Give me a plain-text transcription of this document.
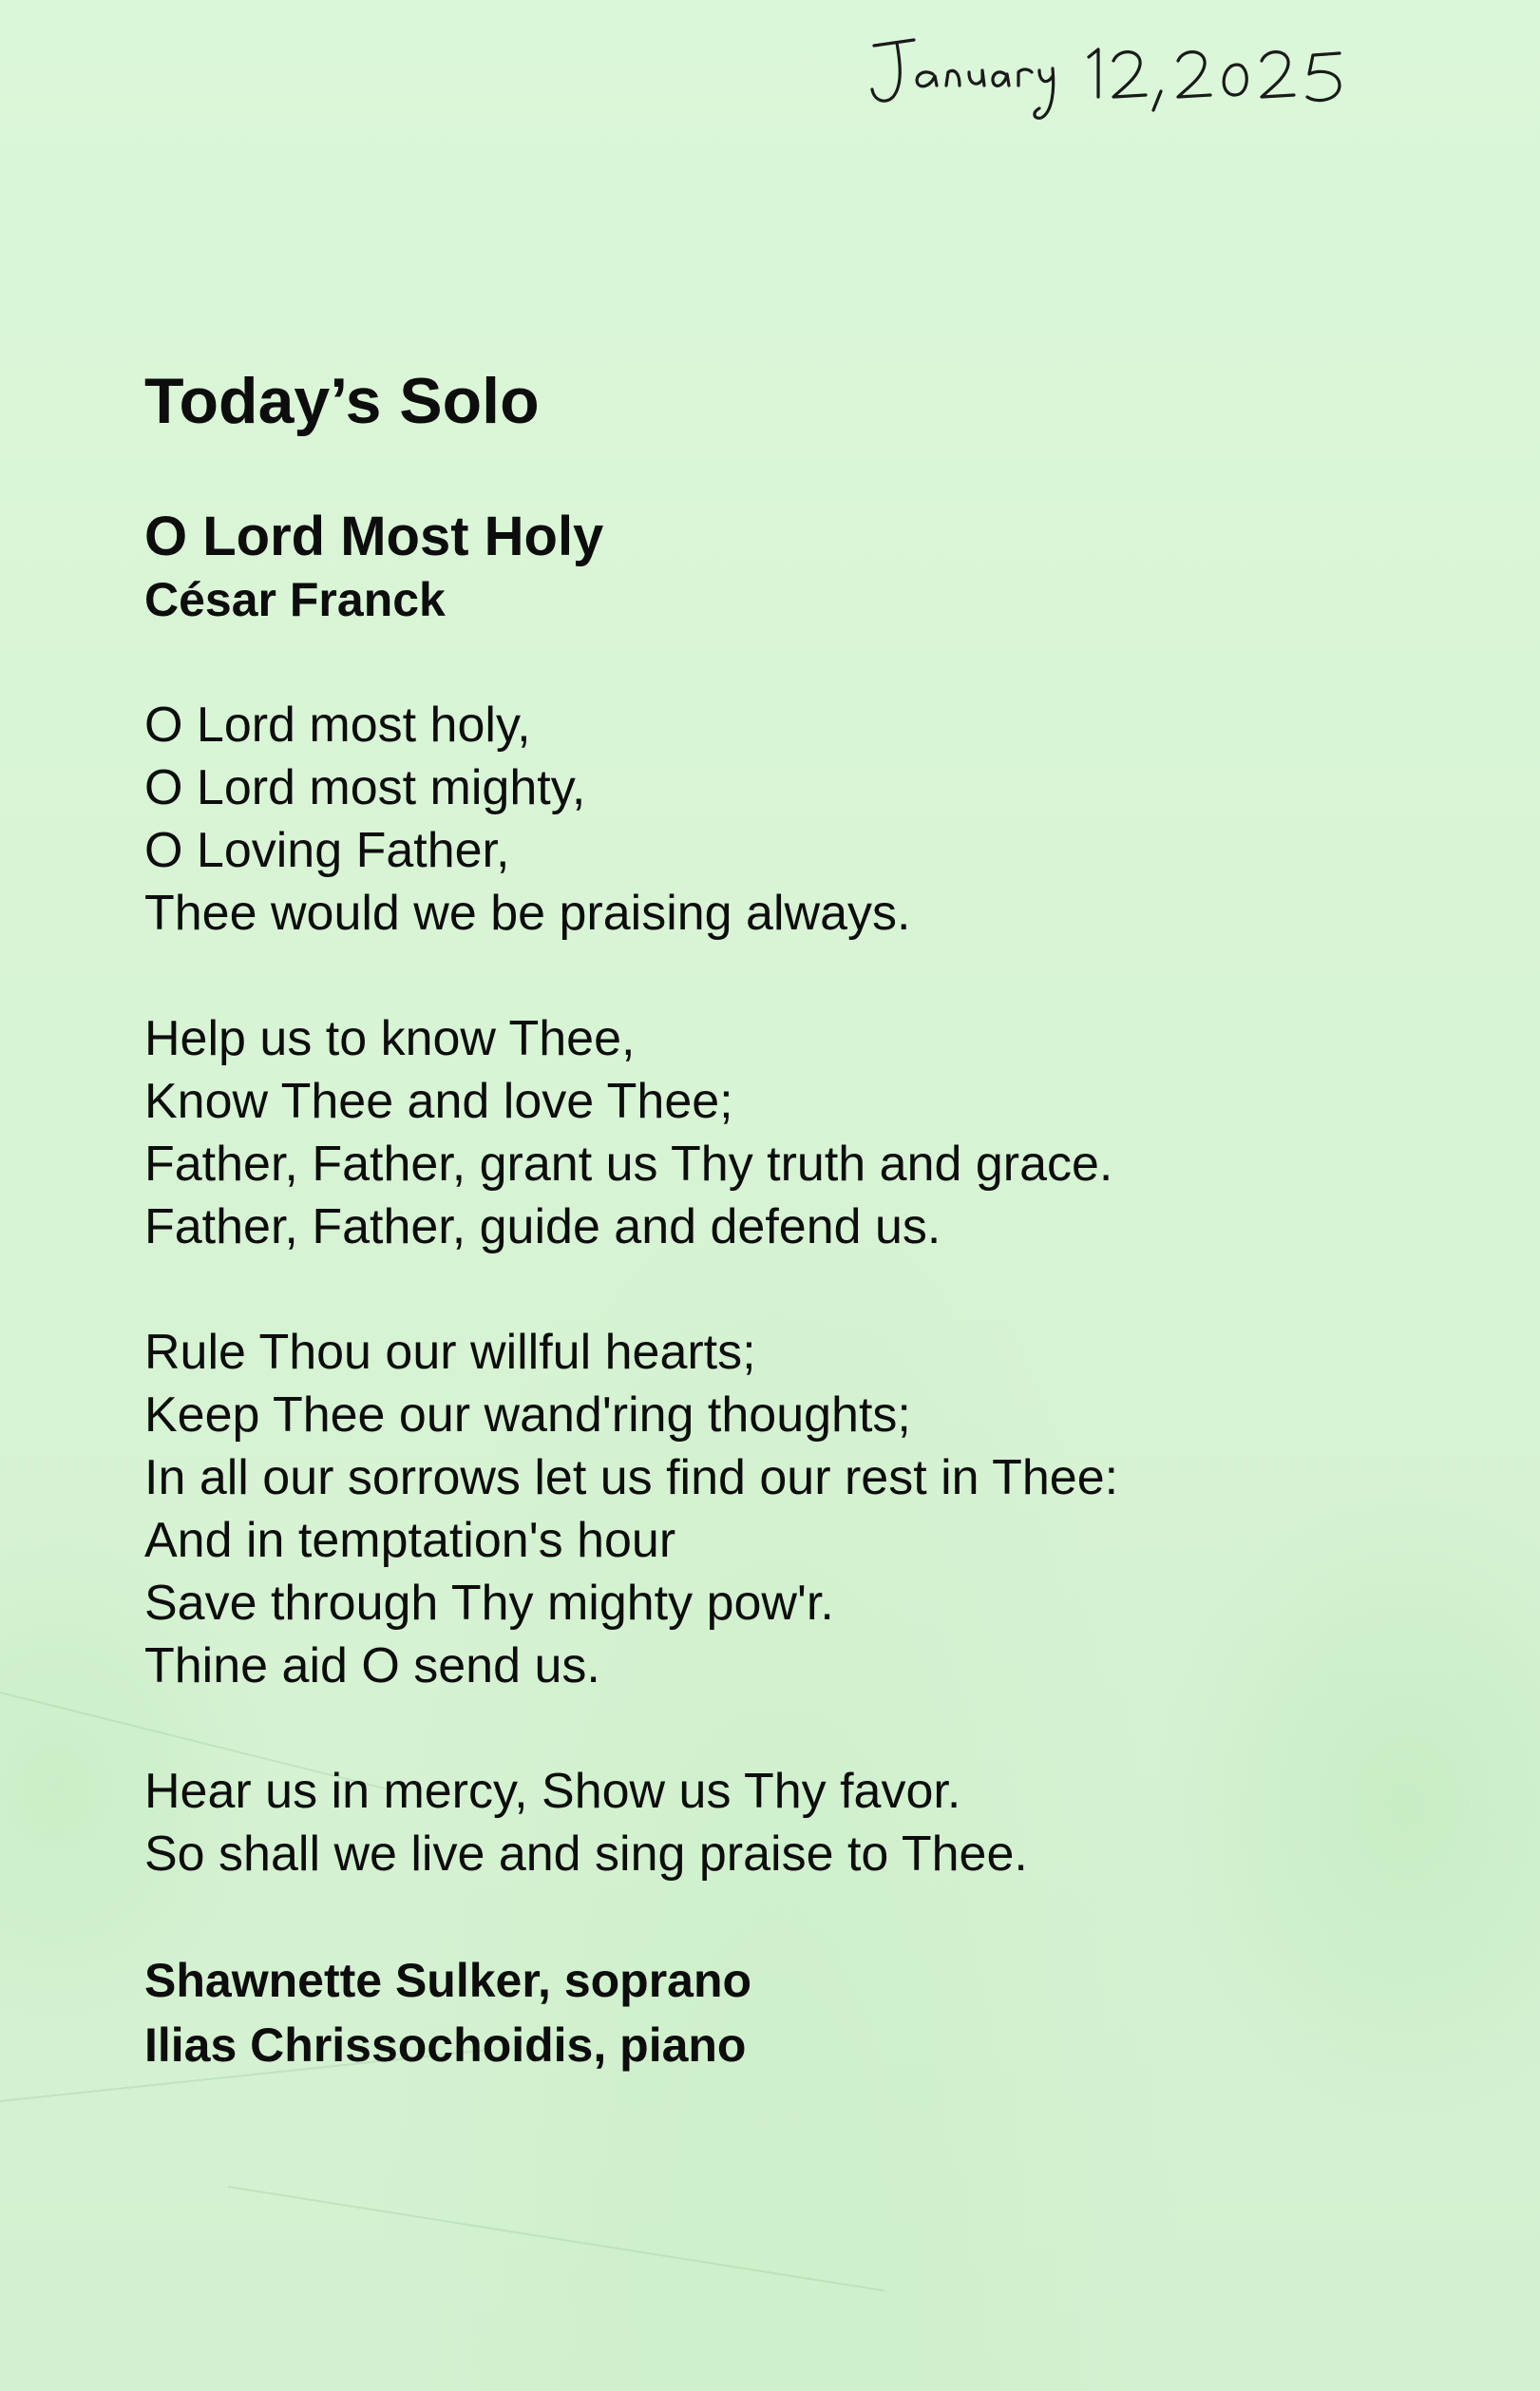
Today’s Solo
O Lord Most Holy
César Franck
O Lord most holy,
O Lord most mighty,
O Loving Father,
Thee would we be praising always.
Help us to know Thee,
Know Thee and love Thee;
Father, Father, grant us Thy truth and grace.
Father, Father, guide and defend us.
Rule Thou our willful hearts;
Keep Thee our wand'ring thoughts;
In all our sorrows let us find our rest in Thee:
And in temptation's hour
Save through Thy mighty pow'r.
Thine aid O send us.
Hear us in mercy, Show us Thy favor.
So shall we live and sing praise to Thee.
Shawnette Sulker, soprano
Ilias Chrissochoidis, piano
